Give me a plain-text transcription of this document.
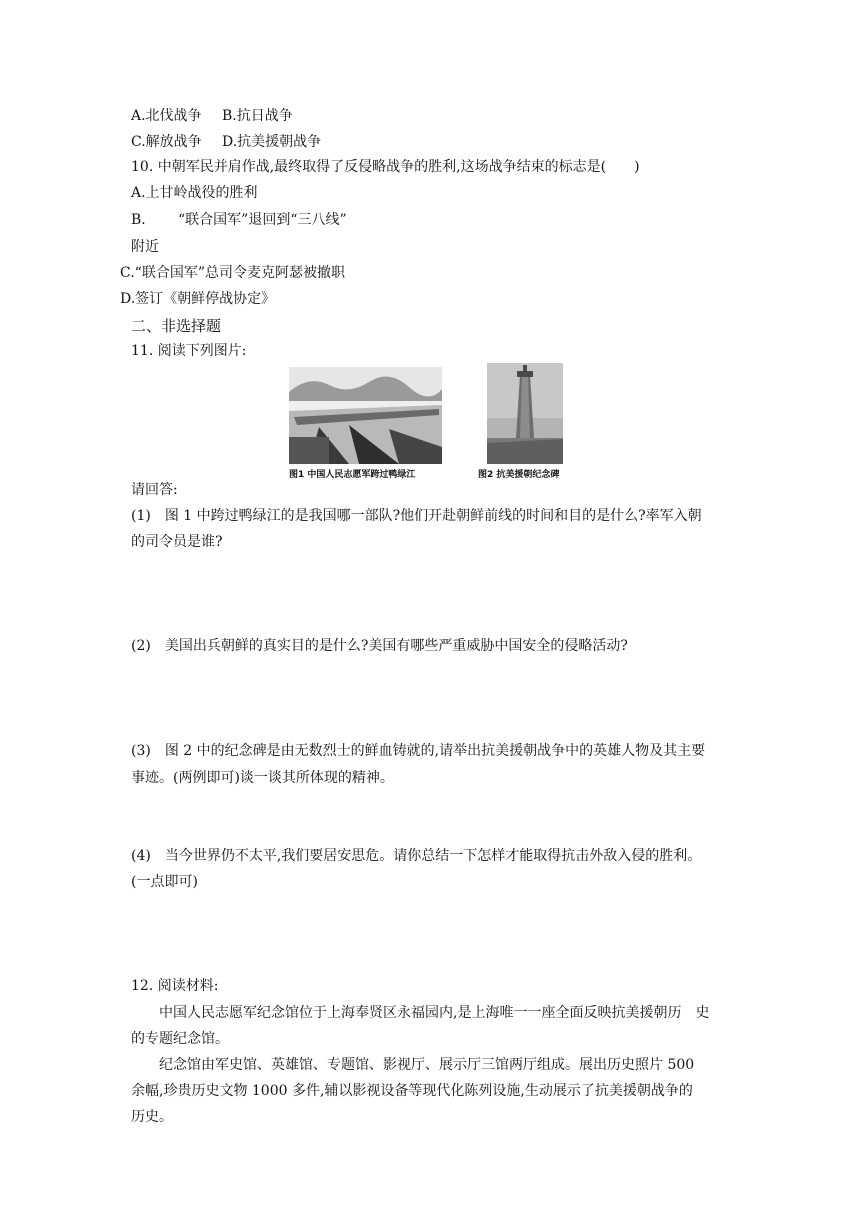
A.北伐战争 B.抗日战争
C.解放战争 D.抗美援朝战争
10. 中朝军民并肩作战,最终取得了反侵略战争的胜利,这场战争结束的标志是(　　)
A.上甘岭战役的胜利
B. “联合国军”退回到“三八线”
附近
C.“联合国军”总司令麦克阿瑟被撤职
D.签订《朝鲜停战协定》
二、非选择题
11. 阅读下列图片:
图1 中国人民志愿军跨过鸭绿江	图2 抗美援朝纪念碑
请回答:
(1)　图 1 中跨过鸭绿江的是我国哪一部队?他们开赴朝鲜前线的时间和目的是什么?率军入朝
的司令员是谁?
(2)　美国出兵朝鲜的真实目的是什么?美国有哪些严重威胁中国安全的侵略活动?
(3)　图 2 中的纪念碑是由无数烈士的鲜血铸就的,请举出抗美援朝战争中的英雄人物及其主要
事迹。(两例即可)谈一谈其所体现的精神。
(4)　当今世界仍不太平,我们要居安思危。请你总结一下怎样才能取得抗击外敌入侵的胜利。
(一点即可)
12. 阅读材料:
中国人民志愿军纪念馆位于上海奉贤区永福园内,是上海唯一一座全面反映抗美援朝历　史
的专题纪念馆。
纪念馆由军史馆、英雄馆、专题馆、影视厅、展示厅三馆两厅组成。展出历史照片 500
余幅,珍贵历史文物 1000 多件,辅以影视设备等现代化陈列设施,生动展示了抗美援朝战争的
历史。
